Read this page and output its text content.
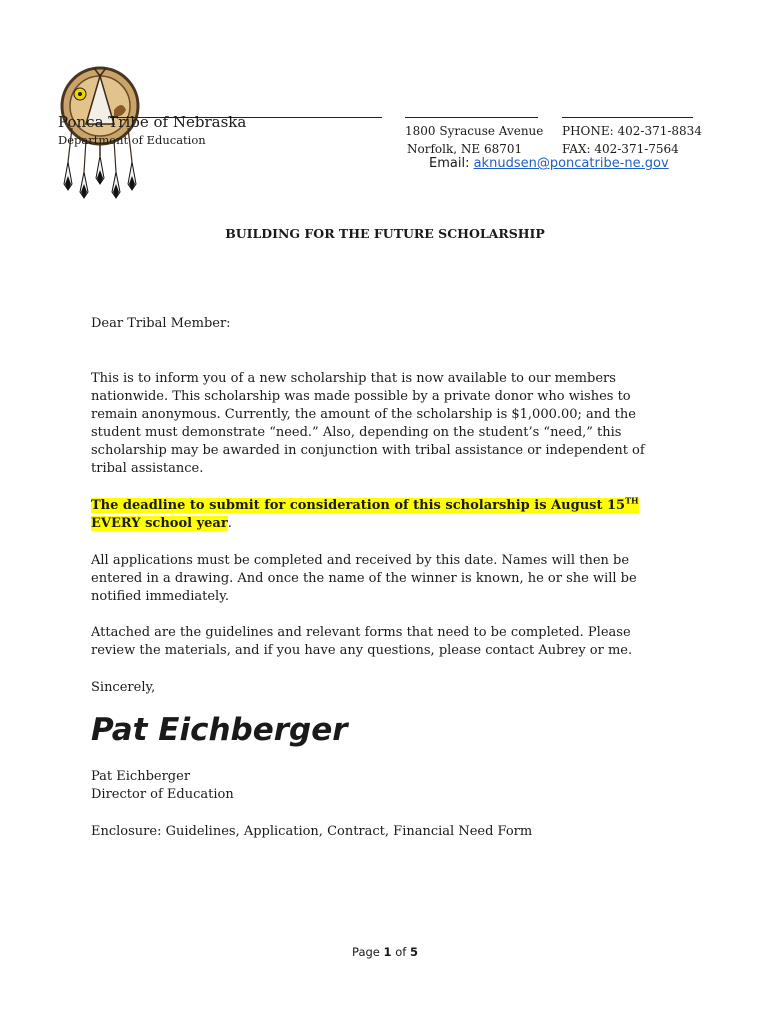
Ponca Tribe of Nebraska
Department of Education
1800 Syracuse Avenue
Norfolk, NE 68701
PHONE: 402-371-8834
FAX: 402-371-7564
Email: aknudsen@poncatribe-ne.gov
BUILDING FOR THE FUTURE SCHOLARSHIP
Dear Tribal Member:

This is to inform you of a new scholarship that is now available to our members nationwide. This scholarship was made possible by a private donor who wishes to remain anonymous. Currently, the amount of the scholarship is $1,000.00; and the student must demonstrate “need.” Also, depending on the student’s “need,” this scholarship may be awarded in conjunction with tribal assistance or independent of tribal assistance.

The deadline to submit for consideration of this scholarship is August 15TH EVERY school year.

All applications must be completed and received by this date. Names will then be entered in a drawing. And once the name of the winner is known, he or she will be notified immediately.

Attached are the guidelines and relevant forms that need to be completed. Please review the materials, and if you have any questions, please contact Aubrey or me.

Sincerely,
Pat Eichberger
Pat Eichberger
Director of Education
Enclosure: Guidelines, Application, Contract, Financial Need Form
Page 1 of 5
